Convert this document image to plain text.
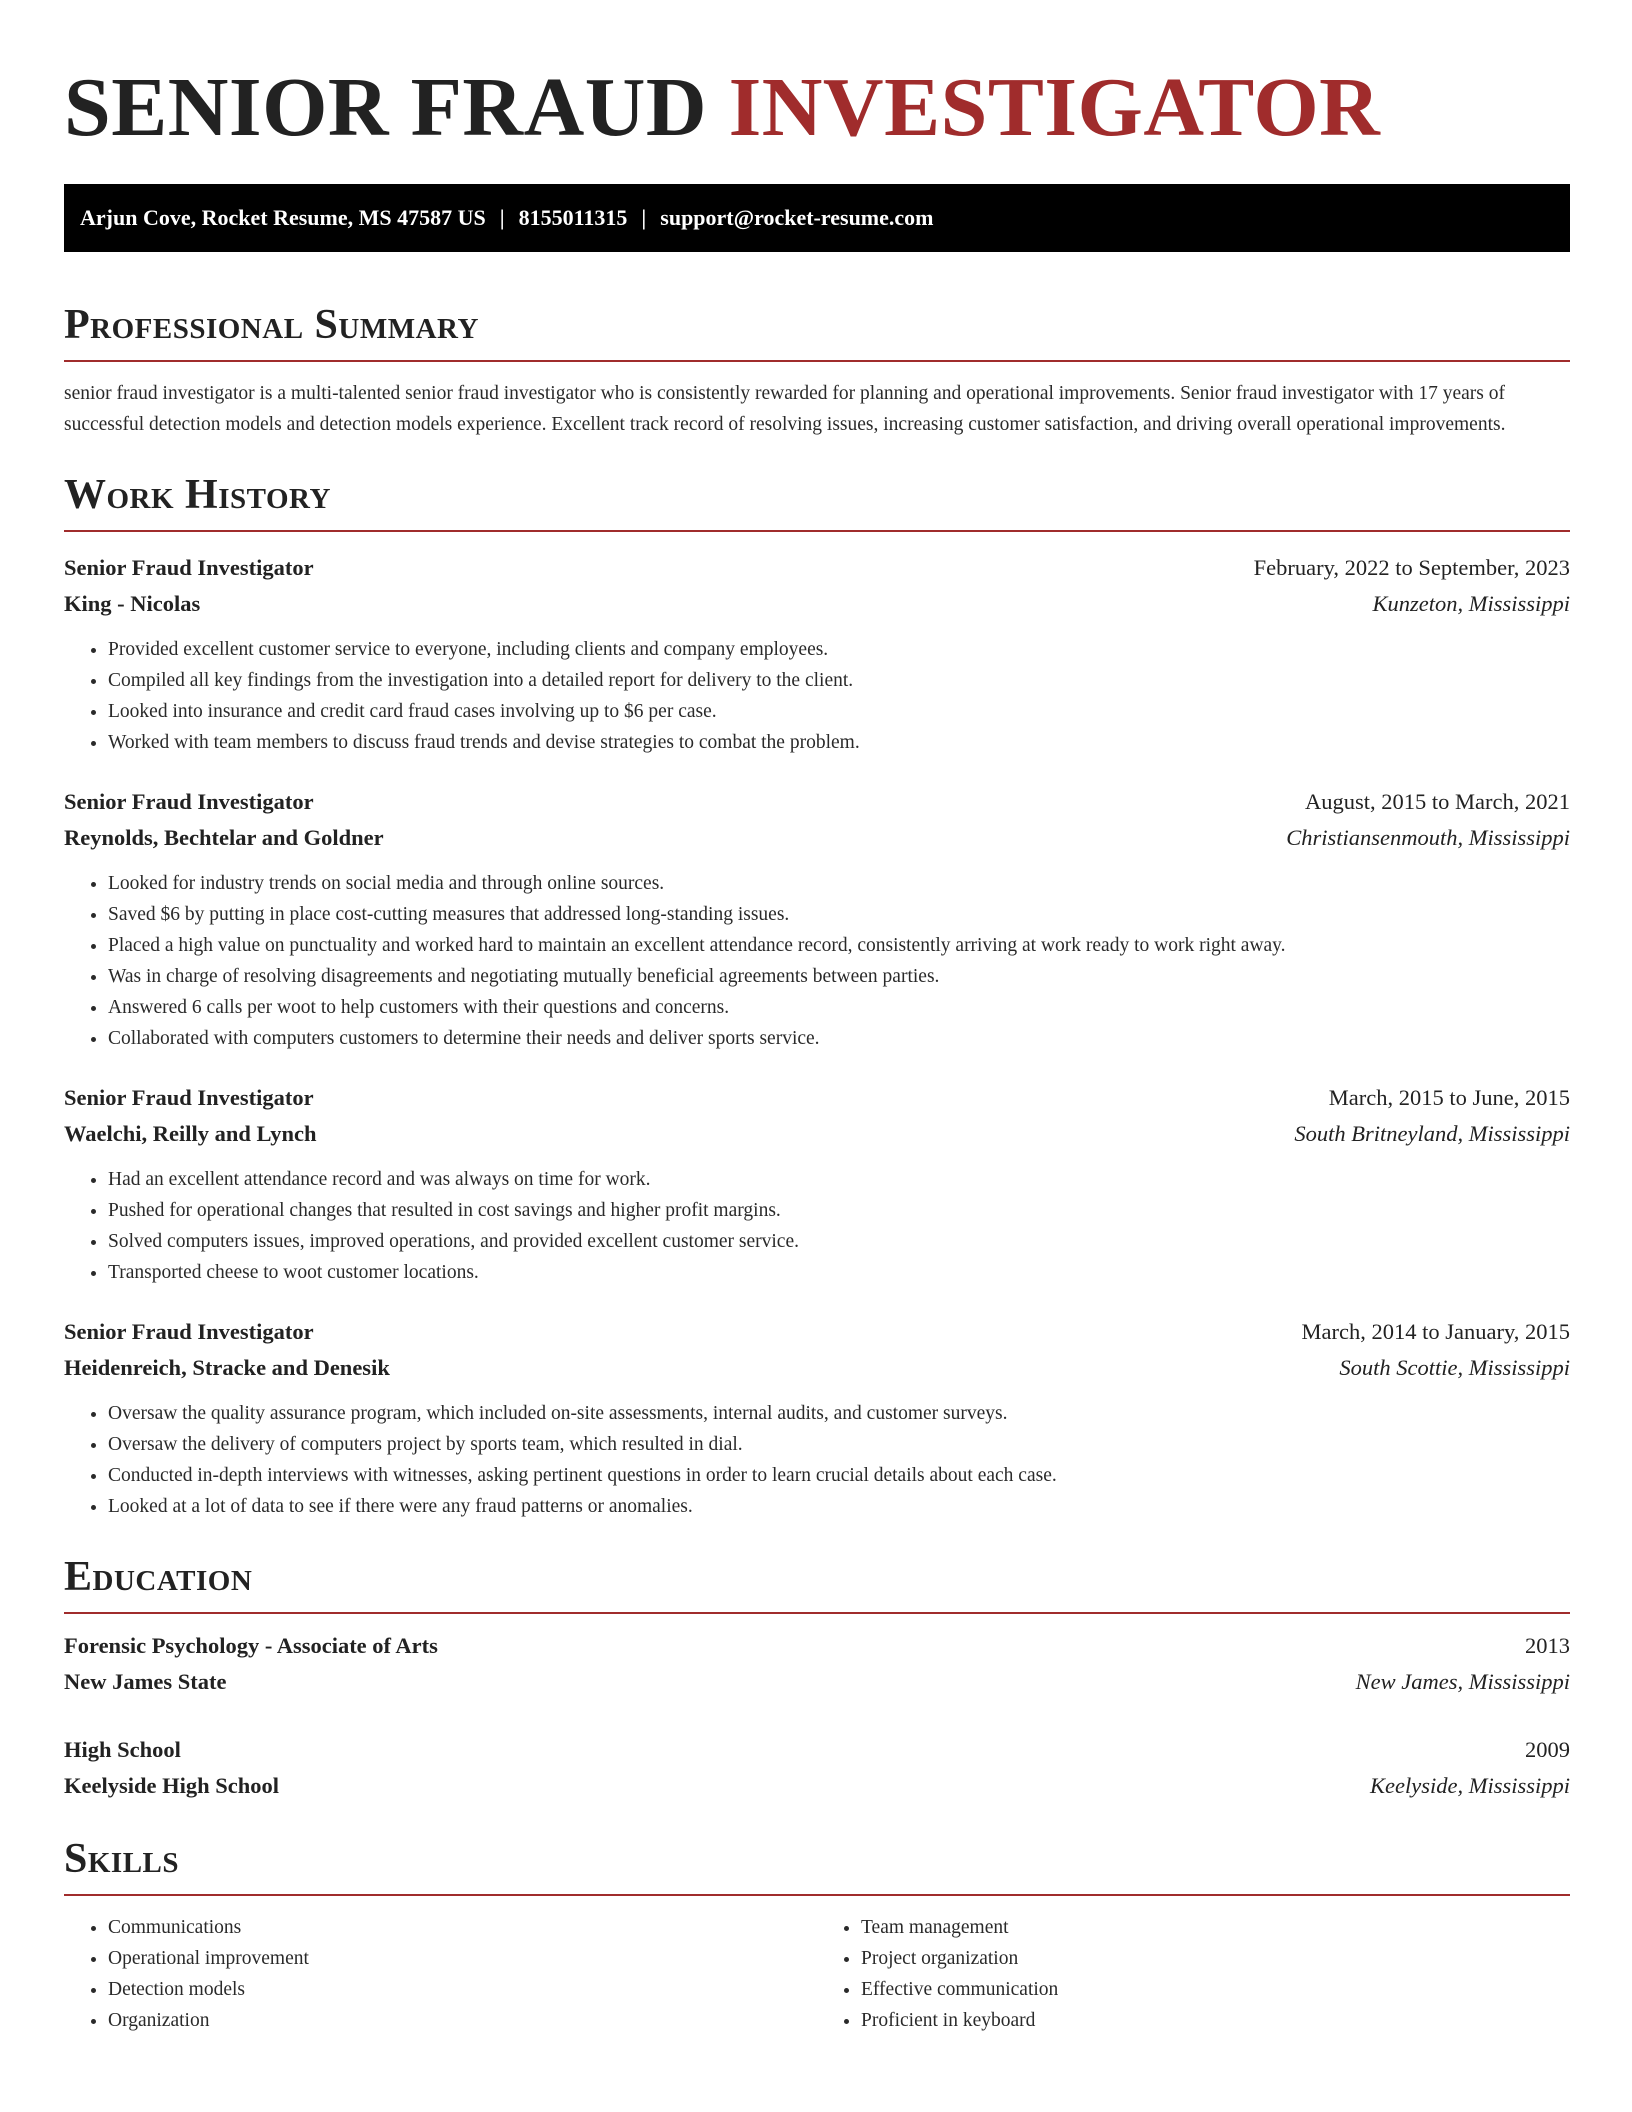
SENIOR FRAUD INVESTIGATOR
Arjun Cove, Rocket Resume, MS 47587 US | 8155011315 | support@rocket-resume.com
Professional Summary
senior fraud investigator is a multi-talented senior fraud investigator who is consistently rewarded for planning and operational improvements. Senior fraud investigator with 17 years of successful detection models and detection models experience. Excellent track record of resolving issues, increasing customer satisfaction, and driving overall operational improvements.
Work History
Senior Fraud Investigator	February, 2022 to September, 2023
King - Nicolas	Kunzeton, Mississippi
• Provided excellent customer service to everyone, including clients and company employees.
• Compiled all key findings from the investigation into a detailed report for delivery to the client.
• Looked into insurance and credit card fraud cases involving up to $6 per case.
• Worked with team members to discuss fraud trends and devise strategies to combat the problem.
Senior Fraud Investigator	August, 2015 to March, 2021
Reynolds, Bechtelar and Goldner	Christiansenmouth, Mississippi
• Looked for industry trends on social media and through online sources.
• Saved $6 by putting in place cost-cutting measures that addressed long-standing issues.
• Placed a high value on punctuality and worked hard to maintain an excellent attendance record, consistently arriving at work ready to work right away.
• Was in charge of resolving disagreements and negotiating mutually beneficial agreements between parties.
• Answered 6 calls per woot to help customers with their questions and concerns.
• Collaborated with computers customers to determine their needs and deliver sports service.
Senior Fraud Investigator	March, 2015 to June, 2015
Waelchi, Reilly and Lynch	South Britneyland, Mississippi
• Had an excellent attendance record and was always on time for work.
• Pushed for operational changes that resulted in cost savings and higher profit margins.
• Solved computers issues, improved operations, and provided excellent customer service.
• Transported cheese to woot customer locations.
Senior Fraud Investigator	March, 2014 to January, 2015
Heidenreich, Stracke and Denesik	South Scottie, Mississippi
• Oversaw the quality assurance program, which included on-site assessments, internal audits, and customer surveys.
• Oversaw the delivery of computers project by sports team, which resulted in dial.
• Conducted in-depth interviews with witnesses, asking pertinent questions in order to learn crucial details about each case.
• Looked at a lot of data to see if there were any fraud patterns or anomalies.
Education
Forensic Psychology - Associate of Arts	2013
New James State	New James, Mississippi
High School	2009
Keelyside High School	Keelyside, Mississippi
Skills
• Communications
• Operational improvement
• Detection models
• Organization
• Team management
• Project organization
• Effective communication
• Proficient in keyboard
